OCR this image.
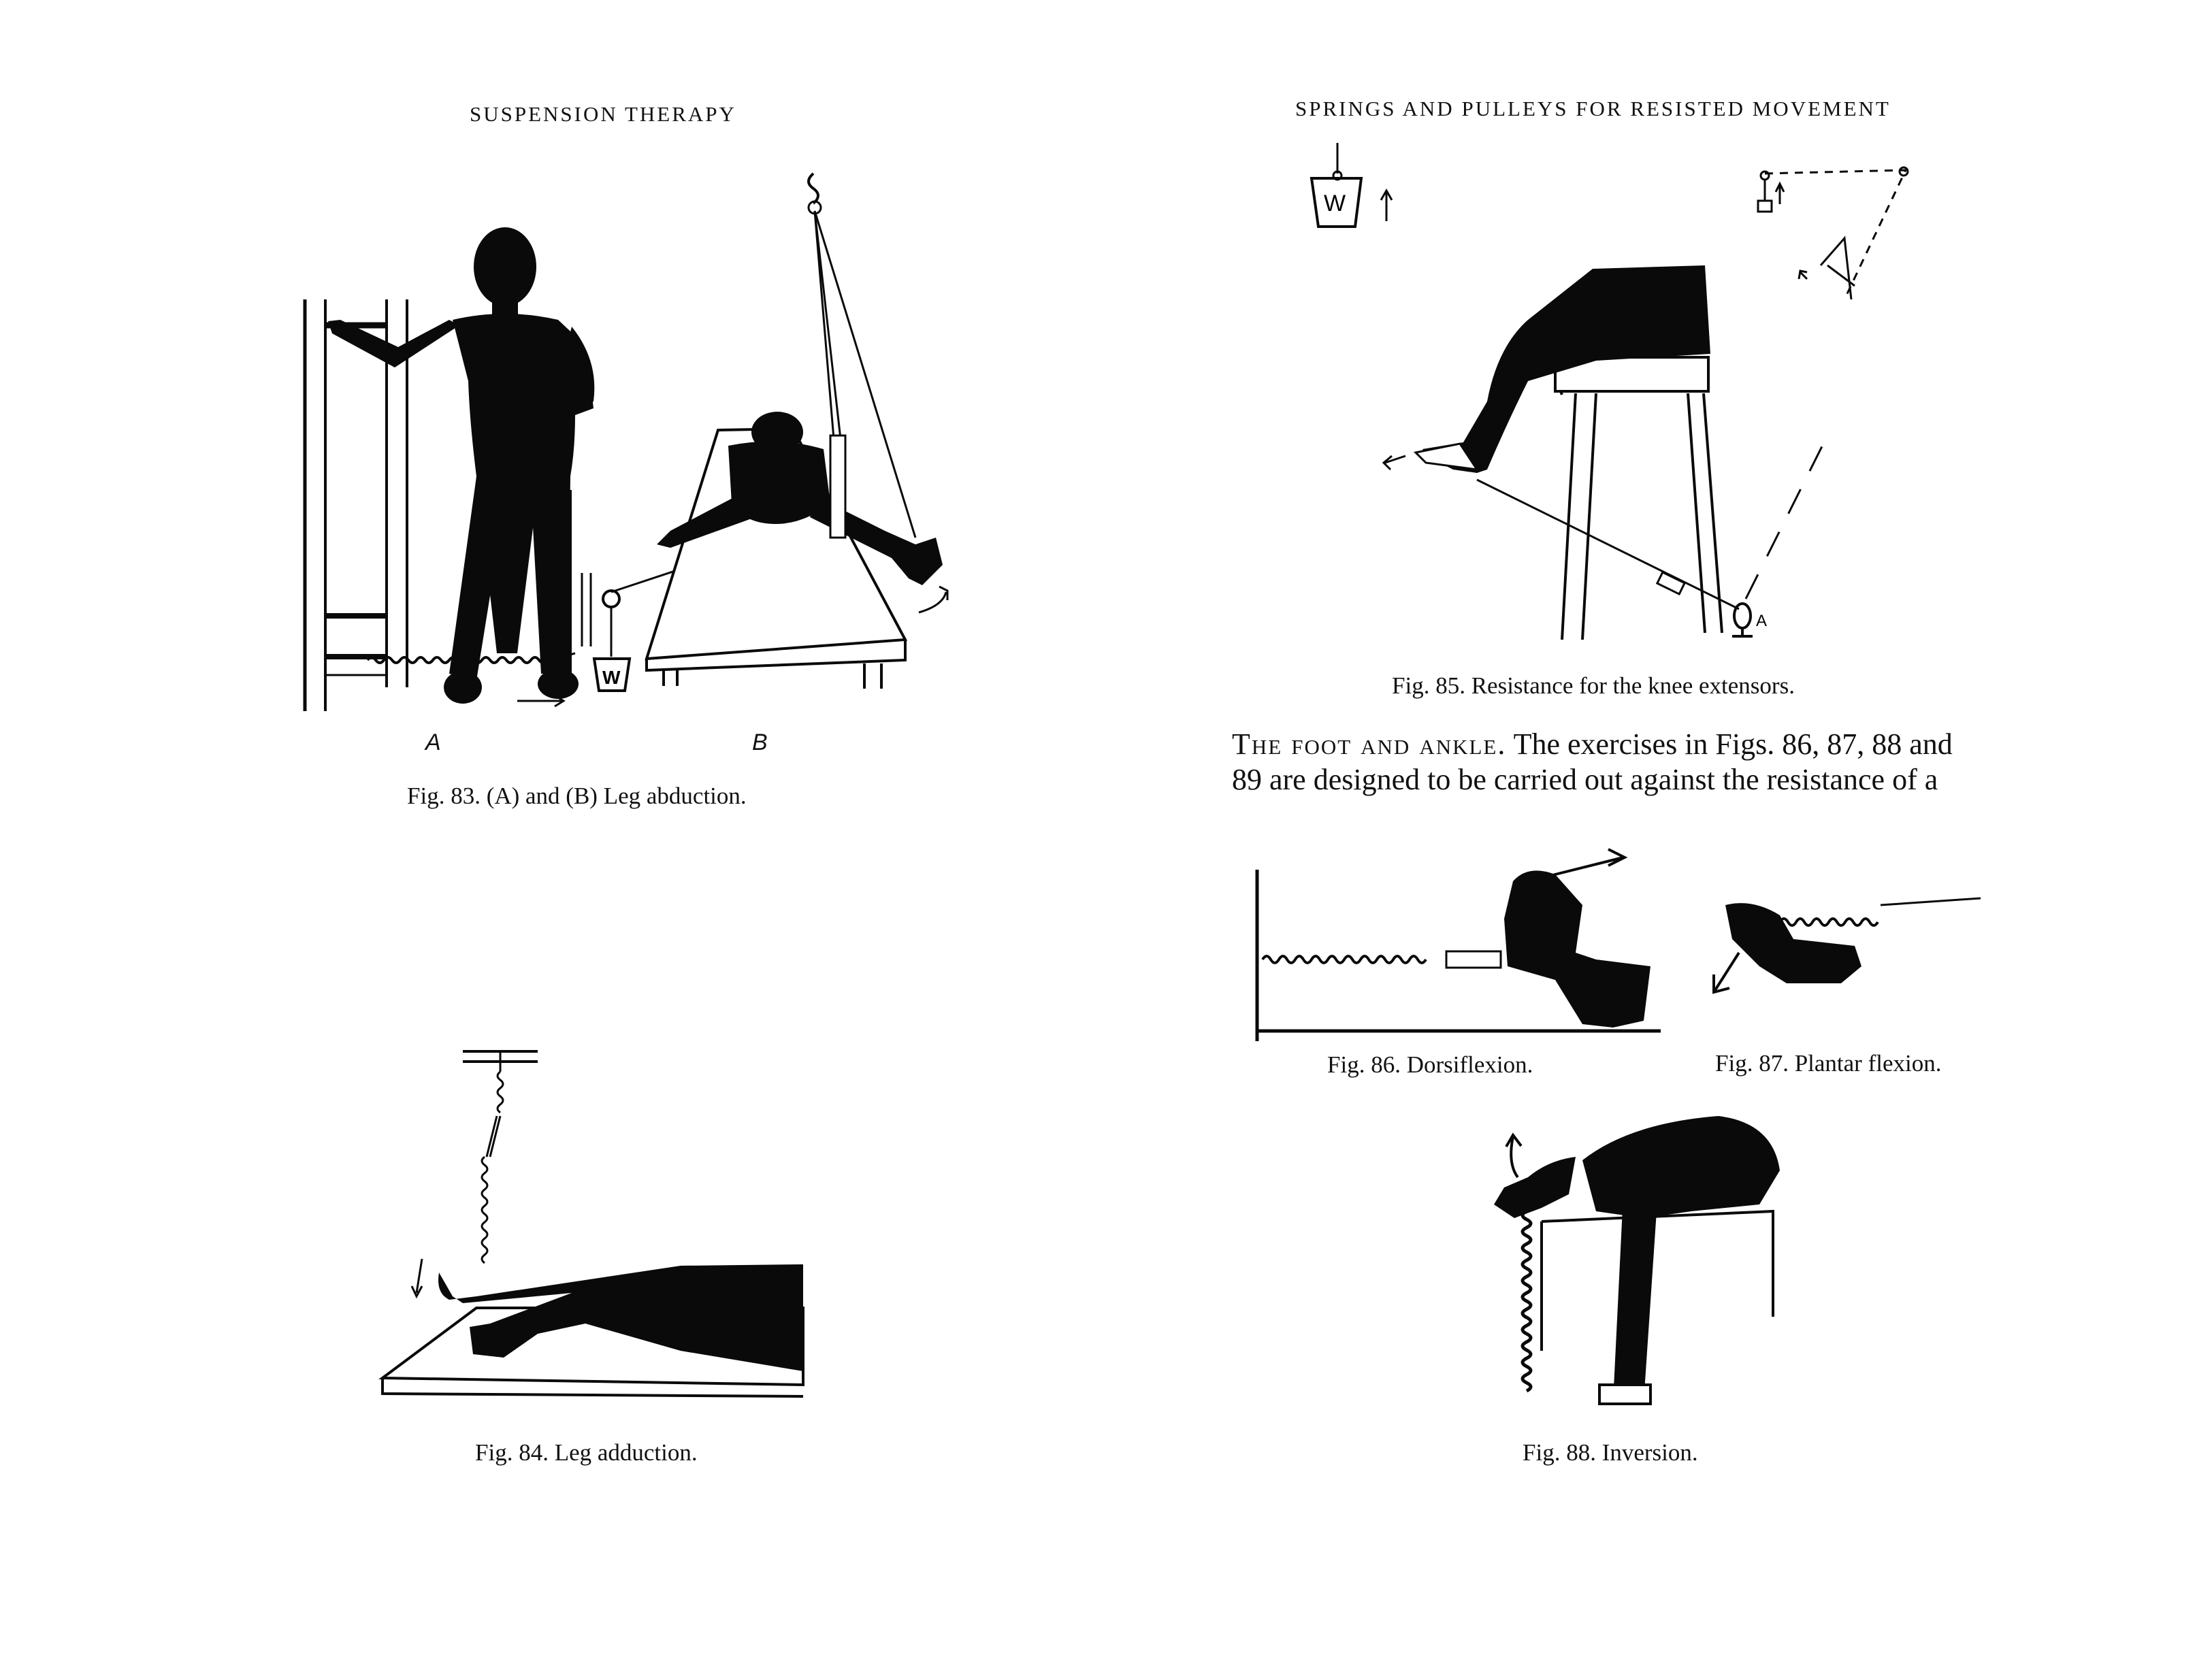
SUSPENSION THERAPY
W
A	B
Fig. 83. (A) and (B) Leg abduction.
Fig. 84. Leg adduction.
SPRINGS AND PULLEYS FOR RESISTED MOVEMENT
W
A
Fig. 85. Resistance for the knee extensors.
The foot and ankle. The exercises in Figs. 86, 87, 88 and
89 are designed to be carried out against the resistance of a
Fig. 86. Dorsiflexion.	Fig. 87. Plantar flexion.
Fig. 88. Inversion.
